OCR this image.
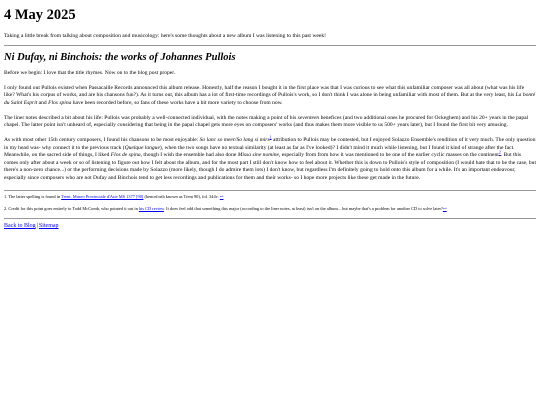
4 May 2025

Taking a little break from talking about composition and musicology: here's some thoughts about a new album I was listening to this past week!

Ni Dufay, ni Binchois: the works of Johannes Pullois

Before we begin: I love that the title rhymes. Now on to the blog post proper.

I only found out Pullois existed when Passacaille Records announced this album release. Honestly, half the reason I bought it in the first place was that I was curious to see what this unfamiliar composer was all about (what was his life like? What's his corpus of works, and are his chansons fun?). As it turns out, this album has a lot of first-time recordings of Pullois's work, so I don't think I was alone in being unfamiliar with most of them. But at the very least, his La bonté du Saint Esprit and Flos spina have been recorded before, so fans of these works have a bit more variety to choose from now.

The liner notes described a bit about his life: Pullois was probably a well-connected individual, with the notes making a point of his seventeen benefices (and two additional ones he procured for Ockeghem) and his 20+ years in the papal chapel. The latter point isn't unheard of, especially considering that being in the papal chapel gets more eyes on composers' works (and thus makes them more visible to us 500+ years later), but I found the first bit very amusing.

As with most other 15th century composers, I found his chansons to be most enjoyable: So lanc so meer/So lang si mirs$^1$ attribution to Pullois may be contested, but I enjoyed Solazzo Ensemble's rendition of it very much. The only question in my head was- why connect it to the previous track (Quelque langue), when the two songs have no textual similarity (at least as far as I've looked)? I didn't mind it much while listening, but I found it kind of strange after the fact. Meanwhile, on the sacred side of things, I liked Flos de spina, though I wish the ensemble had also done Missa sine nomine, especially from from how it was mentioned to be one of the earlier cyclic masses on the continent$^2$. But this comes only after about a week or so of listening to figure out how I felt about the album, and for the most part I still don't know how to feel about it. Whether this is down to Pullois's style of composition (I would hate that to be the case, but there's a non-zero chance...) or the performing decisions made by Solazzo (more likely, though I do admire them lots) I don't know, but regardless I'm definitely going to hold onto this album for a while. It's an important endeavour, especially since composers who are not Dufay and Binchois tend to get less recordings and publications for them and their works- so I hope more projects like these get made in the future.

1. The latter spelling is found in Trent, Museo Provinciale d'Arte MS 1377 [90] (henceforth known as Trent 90), fol. 344v. ↩
2. Credit for this point goes entirely to Todd McComb, who pointed it out in his CD review. It does feel odd that something this major (according to the liner notes, at least) isn't on the album... but maybe that's a problem for another CD to solve later?↩
Back to Blog|Sitemap
